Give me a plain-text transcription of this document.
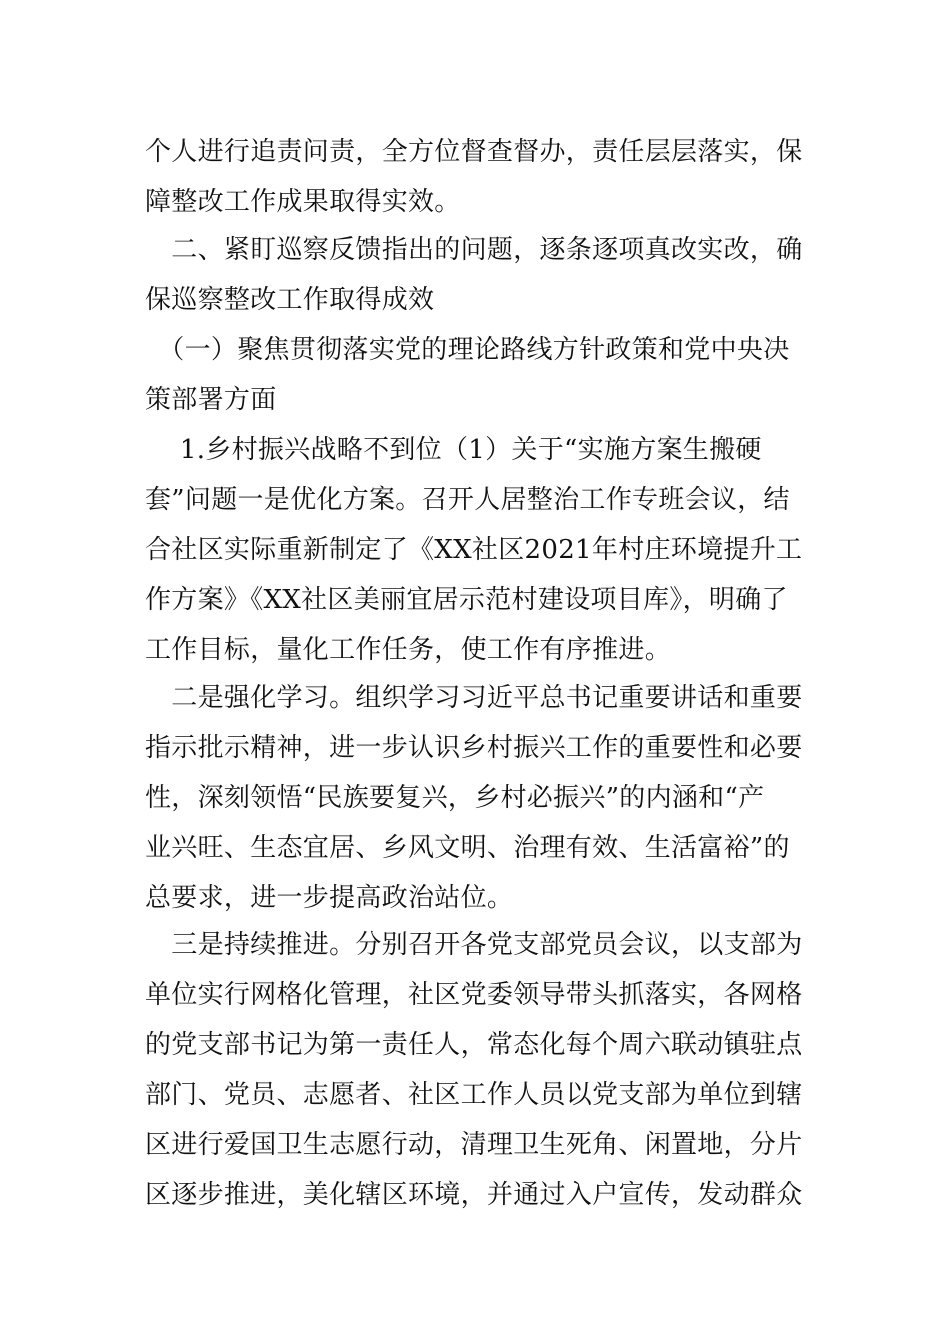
个人进行追责问责，全方位督查督办，责任层层落实，保
障整改工作成果取得实效。
　二、紧盯巡察反馈指出的问题，逐条逐项真改实改，确
保巡察整改工作取得成效
　（一）聚焦贯彻落实党的理论路线方针政策和党中央决
策部署方面
　 1.乡村振兴战略不到位（1）关于“实施方案生搬硬
套”问题一是优化方案。召开人居整治工作专班会议，结
合社区实际重新制定了《XX社区2021年村庄环境提升工
作方案》《XX社区美丽宜居示范村建设项目库》，明确了
工作目标，量化工作任务，使工作有序推进。
　二是强化学习。组织学习习近平总书记重要讲话和重要
指示批示精神，进一步认识乡村振兴工作的重要性和必要
性，深刻领悟“民族要复兴，乡村必振兴”的内涵和“产
业兴旺、生态宜居、乡风文明、治理有效、生活富裕”的
总要求，进一步提高政治站位。
　三是持续推进。分别召开各党支部党员会议，以支部为
单位实行网格化管理，社区党委领导带头抓落实，各网格
的党支部书记为第一责任人，常态化每个周六联动镇驻点
部门、党员、志愿者、社区工作人员以党支部为单位到辖
区进行爱国卫生志愿行动，清理卫生死角、闲置地，分片
区逐步推进，美化辖区环境，并通过入户宣传，发动群众
